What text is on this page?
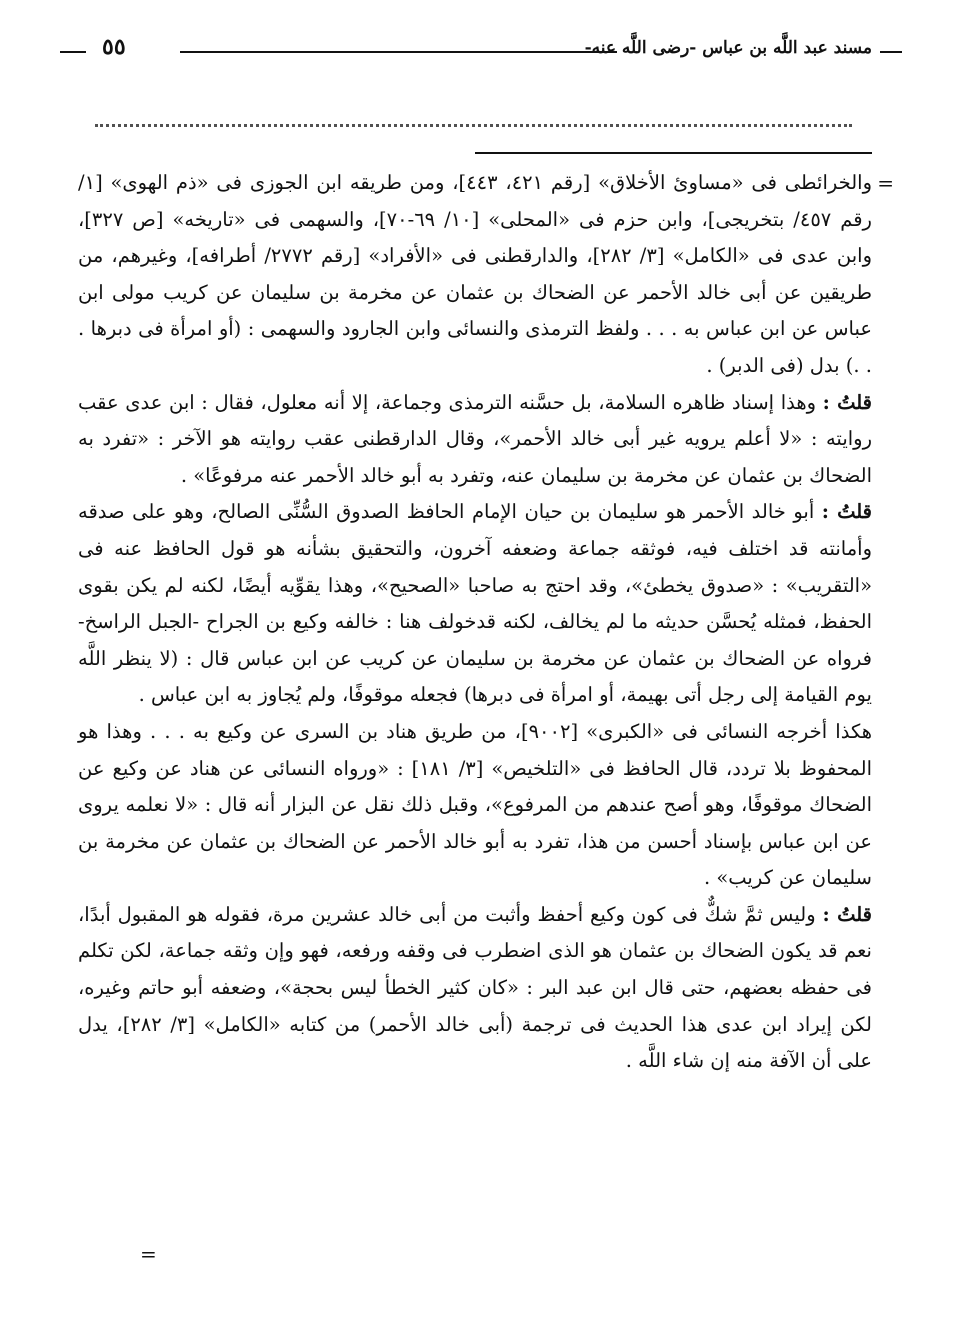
مسند عبد اللَّه بن عباس -رضى اللَّه عنه-
٥٥
=

والخرائطى فى «مساوئ الأخلاق» [رقم ٤٢١، ٤٤٣]، ومن طريقه ابن الجوزى فى «ذم الهوى» [١/ رقم ٤٥٧/ بتخريجى]، وابن حزم فى «المحلى» [١٠/ ٦٩-٧٠]، والسهمى فى «تاريخه» [ص ٣٢٧]، وابن عدى فى «الكامل» [٣/ ٢٨٢]، والدارقطنى فى «الأفراد» [رقم ٢٧٧٢/ أطرافه]، وغيرهم، من طريقين عن أبى خالد الأحمر عن الضحاك بن عثمان عن مخرمة بن سليمان عن كريب مولى ابن عباس عن ابن عباس به . . . ولفظ الترمذى والنسائى وابن الجارود والسهمى : (أو امرأة فى دبرها . . .) بدل (فى الدبر) .

قلتُ : وهذا إسناد ظاهره السلامة، بل حسَّنه الترمذى وجماعة، إلا أنه معلول، فقال : ابن عدى عقب روايته : «لا أعلم يرويه غير أبى خالد الأحمر»، وقال الدارقطنى عقب روايته هو الآخر : «تفرد به الضحاك بن عثمان عن مخرمة بن سليمان عنه، وتفرد به أبو خالد الأحمر عنه مرفوعًا» .

قلتُ : أبو خالد الأحمر هو سليمان بن حيان الإمام الحافظ الصدوق السُّنِّى الصالح، وهو على صدقه وأمانته قد اختلف فيه، فوثقه جماعة وضعفه آخرون، والتحقيق بشأنه هو قول الحافظ عنه فى «التقريب» : «صدوق يخطئ»، وقد احتج به صاحبا «الصحيح»، وهذا يقوِّيه أيضًا، لكنه لم يكن بقوى الحفظ، فمثله يُحسَّن حديثه ما لم يخالف، لكنه قدخولف هنا : خالفه وكيع بن الجراح -الجبل الراسخ- فرواه عن الضحاك بن عثمان عن مخرمة بن سليمان عن كريب عن ابن عباس قال : (لا ينظر اللَّه يوم القيامة إلى رجل أتى بهيمة، أو امرأة فى دبرها) فجعله موقوفًا، ولم يُجاوز به ابن عباس .

هكذا أخرجه النسائى فى «الكبرى» [٩٠٠٢]، من طريق هناد بن السرى عن وكيع به . . . وهذا هو المحفوظ بلا تردد، قال الحافظ فى «التلخيص» [٣/ ١٨١] : «ورواه النسائى عن هناد عن وكيع عن الضحاك موقوفًا، وهو أصح عندهم من المرفوع»، وقبل ذلك نقل عن البزار أنه قال : «لا نعلمه يروى عن ابن عباس بإسناد أحسن من هذا، تفرد به أبو خالد الأحمر عن الضحاك بن عثمان عن مخرمة بن سليمان عن كريب» .

قلتُ : وليس ثمَّ شكٌّ فى كون وكيع أحفظ وأثبت من أبى خالد عشرين مرة، فقوله هو المقبول أبدًا، نعم قد يكون الضحاك بن عثمان هو الذى اضطرب فى وقفه ورفعه، فهو وإن وثقه جماعة، لكن تكلم فى حفظه بعضهم، حتى قال ابن عبد البر : «كان كثير الخطأ ليس بحجة»، وضعفه أبو حاتم وغيره، لكن إيراد ابن عدى هذا الحديث فى ترجمة (أبى خالد الأحمر) من كتابه «الكامل» [٣/ ٢٨٢]، يدل على أن الآفة منه إن شاء اللَّه .

=
